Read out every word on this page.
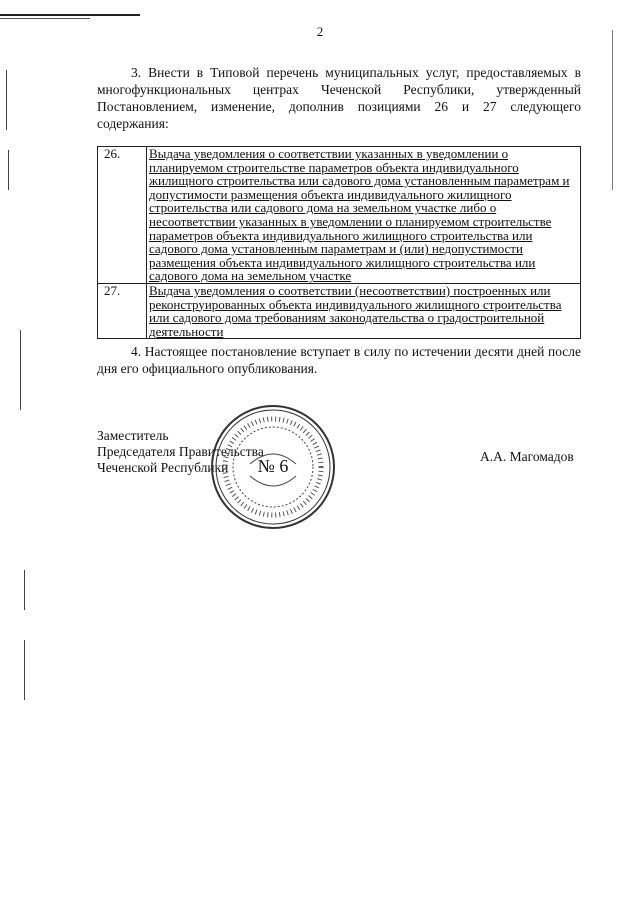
2

3. Внести в Типовой перечень муниципальных услуг, предоставляемых в многофункциональных центрах Чеченской Республики, утвержденный Постановлением, изменение, дополнив позициями 26 и 27 следующего содержания:

26.	Выдача уведомления о соответствии указанных в уведомлении о планируемом строительстве параметров объекта индивидуального жилищного строительства или садового дома установленным параметрам и допустимости размещения объекта индивидуального жилищного строительства или садового дома на земельном участке либо о несоответствии указанных в уведомлении о планируемом строительстве параметров объекта индивидуального жилищного строительства или садового дома установленным параметрам и (или) недопустимости размещения объекта индивидуального жилищного строительства или садового дома на земельном участке
27.	Выдача уведомления о соответствии (несоответствии) построенных или реконструированных объекта индивидуального жилищного строительства или садового дома требованиям законодательства о градостроительной деятельности

4. Настоящее постановление вступает в силу по истечении десяти дней после дня его официального опубликования.

Заместитель
Председателя Правительства
Чеченской Республики	№ 6	А.А. Магомадов
